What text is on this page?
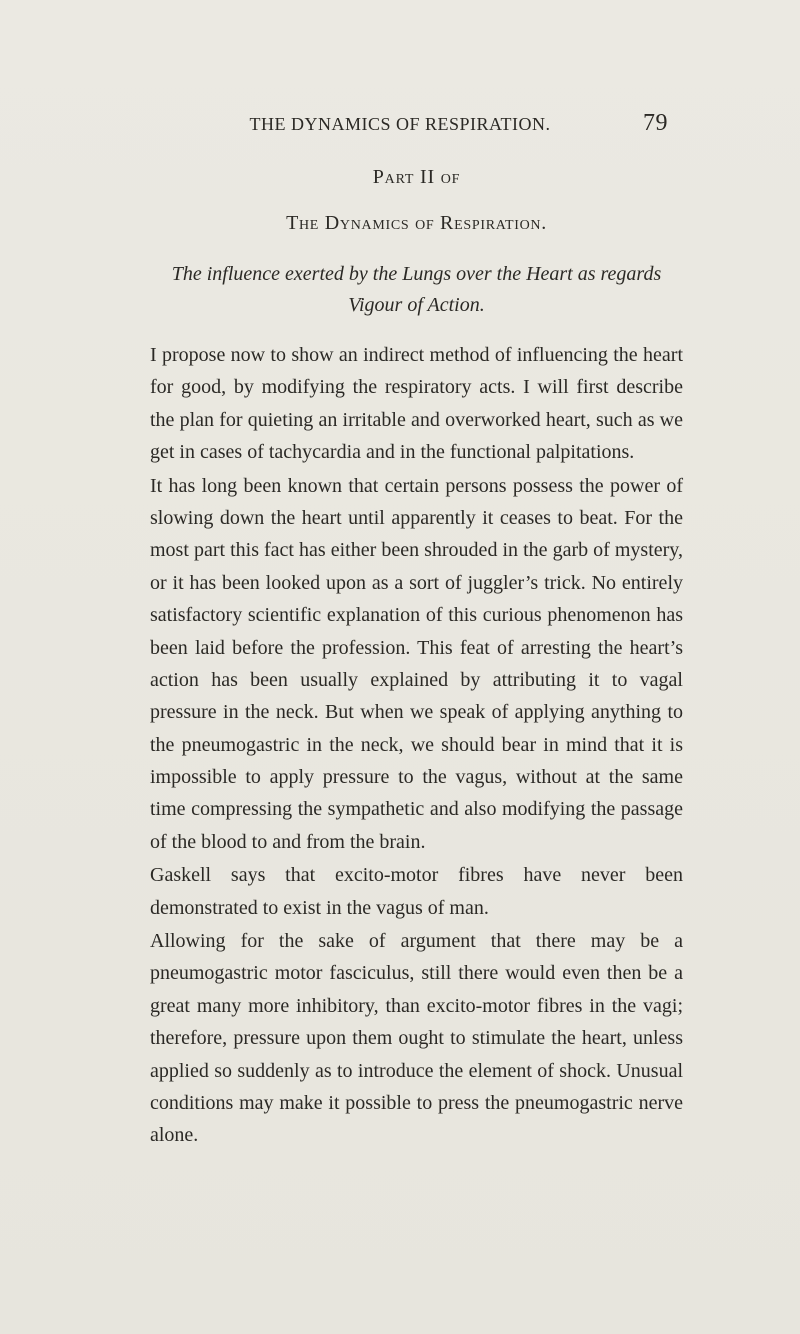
THE DYNAMICS OF RESPIRATION.	79
Part II of
The Dynamics of Respiration.
The influence exerted by the Lungs over the Heart as regards Vigour of Action.

I propose now to show an indirect method of influencing the heart for good, by modifying the respiratory acts. I will first describe the plan for quieting an irritable and overworked heart, such as we get in cases of tachycardia and in the functional palpitations.

It has long been known that certain persons possess the power of slowing down the heart until apparently it ceases to beat. For the most part this fact has either been shrouded in the garb of mystery, or it has been looked upon as a sort of juggler’s trick. No entirely satisfactory scientific explanation of this curious phenomenon has been laid before the profession. This feat of arresting the heart’s action has been usually explained by attributing it to vagal pressure in the neck. But when we speak of applying anything to the pneumogastric in the neck, we should bear in mind that it is impossible to apply pressure to the vagus, without at the same time compressing the sympathetic and also modifying the passage of the blood to and from the brain.

Gaskell says that excito-motor fibres have never been demonstrated to exist in the vagus of man.

Allowing for the sake of argument that there may be a pneumogastric motor fasciculus, still there would even then be a great many more inhibitory, than excito-motor fibres in the vagi; therefore, pressure upon them ought to stimulate the heart, unless applied so suddenly as to introduce the element of shock. Unusual conditions may make it possible to press the pneumogastric nerve alone.
